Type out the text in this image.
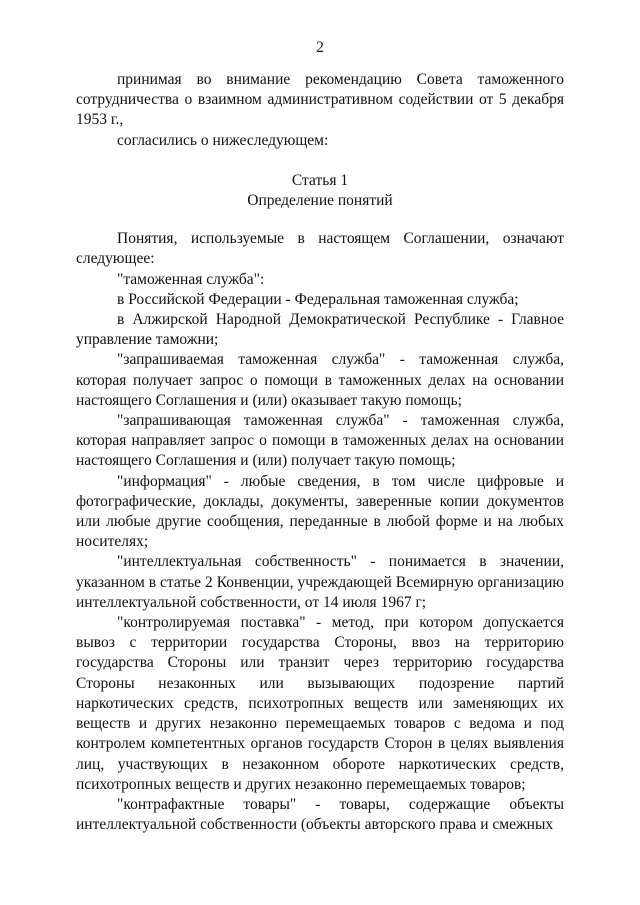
2

принимая во внимание рекомендацию Совета таможенного сотрудничества о взаимном административном содействии от 5 декабря 1953 г.,

согласились о нижеследующем:

Статья 1

Определение понятий

Понятия, используемые в настоящем Соглашении, означают следующее:

"таможенная служба":

в Российской Федерации - Федеральная таможенная служба;

в Алжирской Народной Демократической Республике - Главное управление таможни;

"запрашиваемая таможенная служба" - таможенная служба, которая получает запрос о помощи в таможенных делах на основании настоящего Соглашения и (или) оказывает такую помощь;

"запрашивающая таможенная служба" - таможенная служба, которая направляет запрос о помощи в таможенных делах на основании настоящего Соглашения и (или) получает такую помощь;

"информация" - любые сведения, в том числе цифровые и фотографические, доклады, документы, заверенные копии документов или любые другие сообщения, переданные в любой форме и на любых носителях;

"интеллектуальная собственность" - понимается в значении, указанном в статье 2 Конвенции, учреждающей Всемирную организацию интеллектуальной собственности, от 14 июля 1967 г;

"контролируемая поставка" - метод, при котором допускается вывоз с территории государства Стороны, ввоз на территорию государства Стороны или транзит через территорию государства Стороны незаконных или вызывающих подозрение партий наркотических средств, психотропных веществ или заменяющих их веществ и других незаконно перемещаемых товаров с ведома и под контролем компетентных органов государств Сторон в целях выявления лиц, участвующих в незаконном обороте наркотических средств, психотропных веществ и других незаконно перемещаемых товаров;

"контрафактные товары" - товары, содержащие объекты интеллектуальной собственности (объекты авторского права и смежных
